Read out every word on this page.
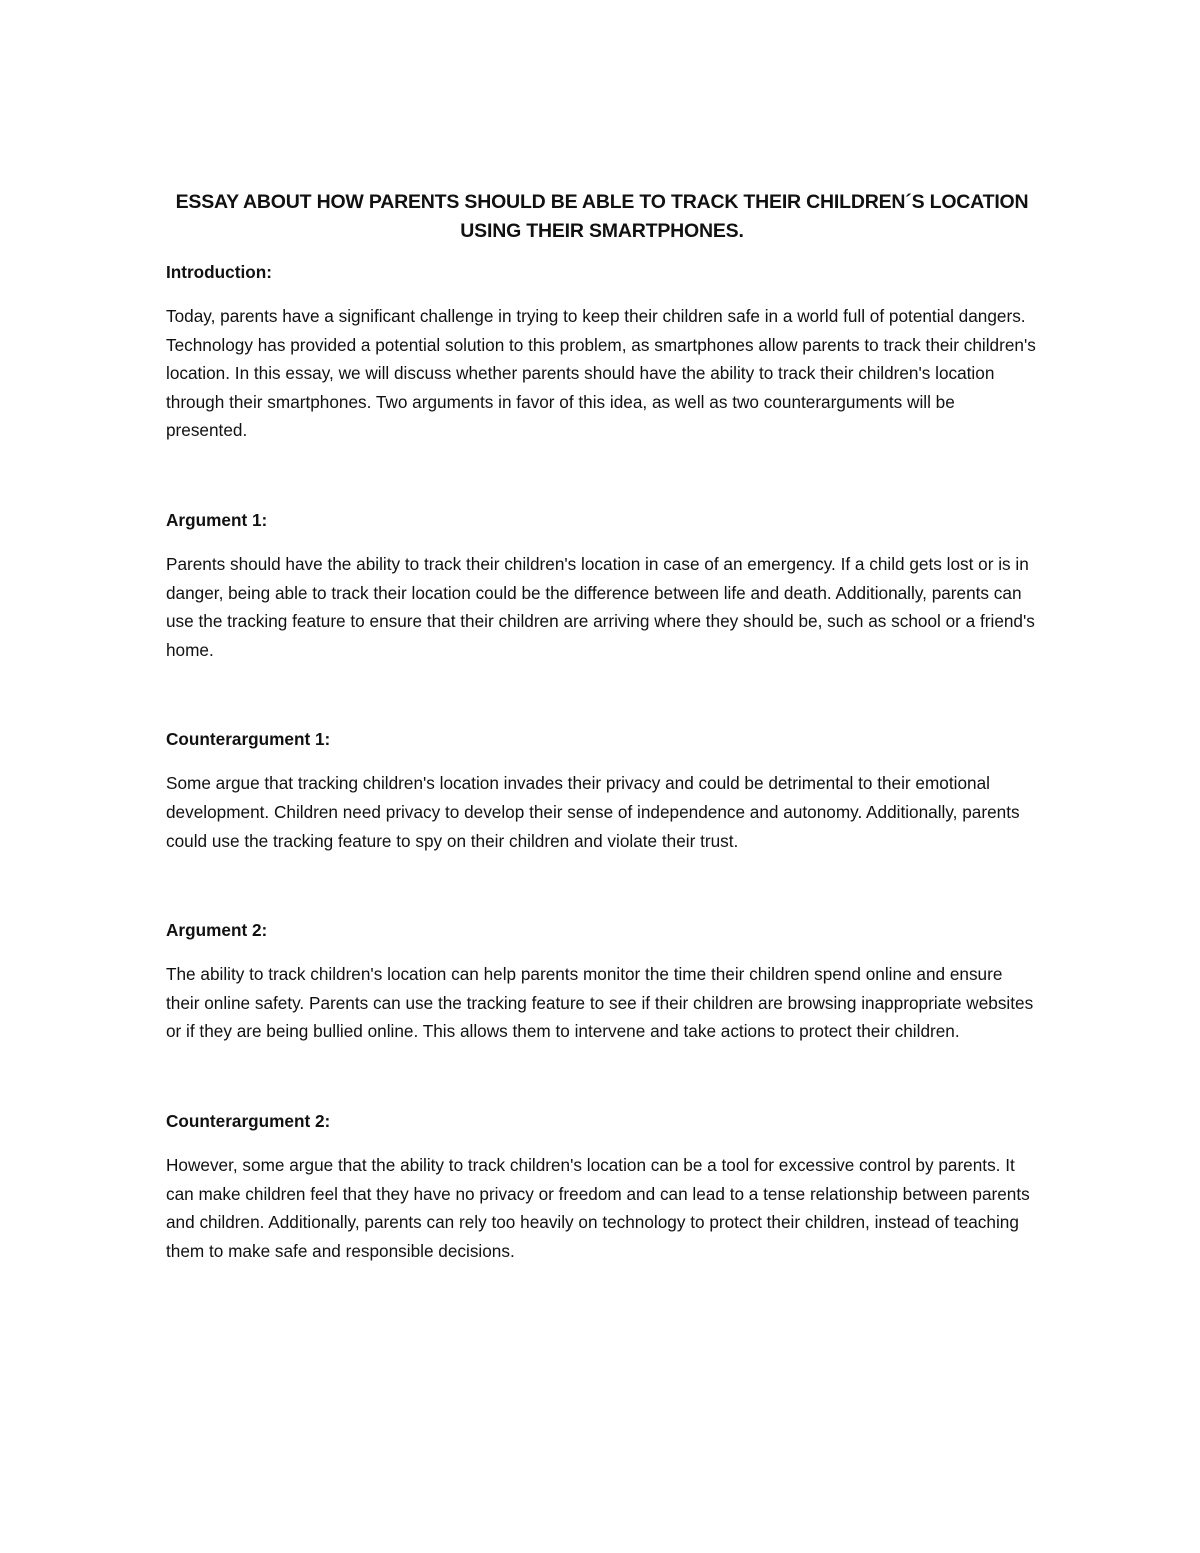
ESSAY ABOUT HOW PARENTS SHOULD BE ABLE TO TRACK THEIR CHILDREN´S LOCATION
USING THEIR SMARTPHONES.

Introduction:

Today, parents have a significant challenge in trying to keep their children safe in a world full of potential dangers. Technology has provided a potential solution to this problem, as smartphones allow parents to track their children's location. In this essay, we will discuss whether parents should have the ability to track their children's location through their smartphones. Two arguments in favor of this idea, as well as two counterarguments will be presented.

Argument 1:

Parents should have the ability to track their children's location in case of an emergency. If a child gets lost or is in danger, being able to track their location could be the difference between life and death. Additionally, parents can use the tracking feature to ensure that their children are arriving where they should be, such as school or a friend's home.

Counterargument 1:

Some argue that tracking children's location invades their privacy and could be detrimental to their emotional development. Children need privacy to develop their sense of independence and autonomy. Additionally, parents could use the tracking feature to spy on their children and violate their trust.

Argument 2:

The ability to track children's location can help parents monitor the time their children spend online and ensure their online safety. Parents can use the tracking feature to see if their children are browsing inappropriate websites or if they are being bullied online. This allows them to intervene and take actions to protect their children.

Counterargument 2:

However, some argue that the ability to track children's location can be a tool for excessive control by parents. It can make children feel that they have no privacy or freedom and can lead to a tense relationship between parents and children. Additionally, parents can rely too heavily on technology to protect their children, instead of teaching them to make safe and responsible decisions.
